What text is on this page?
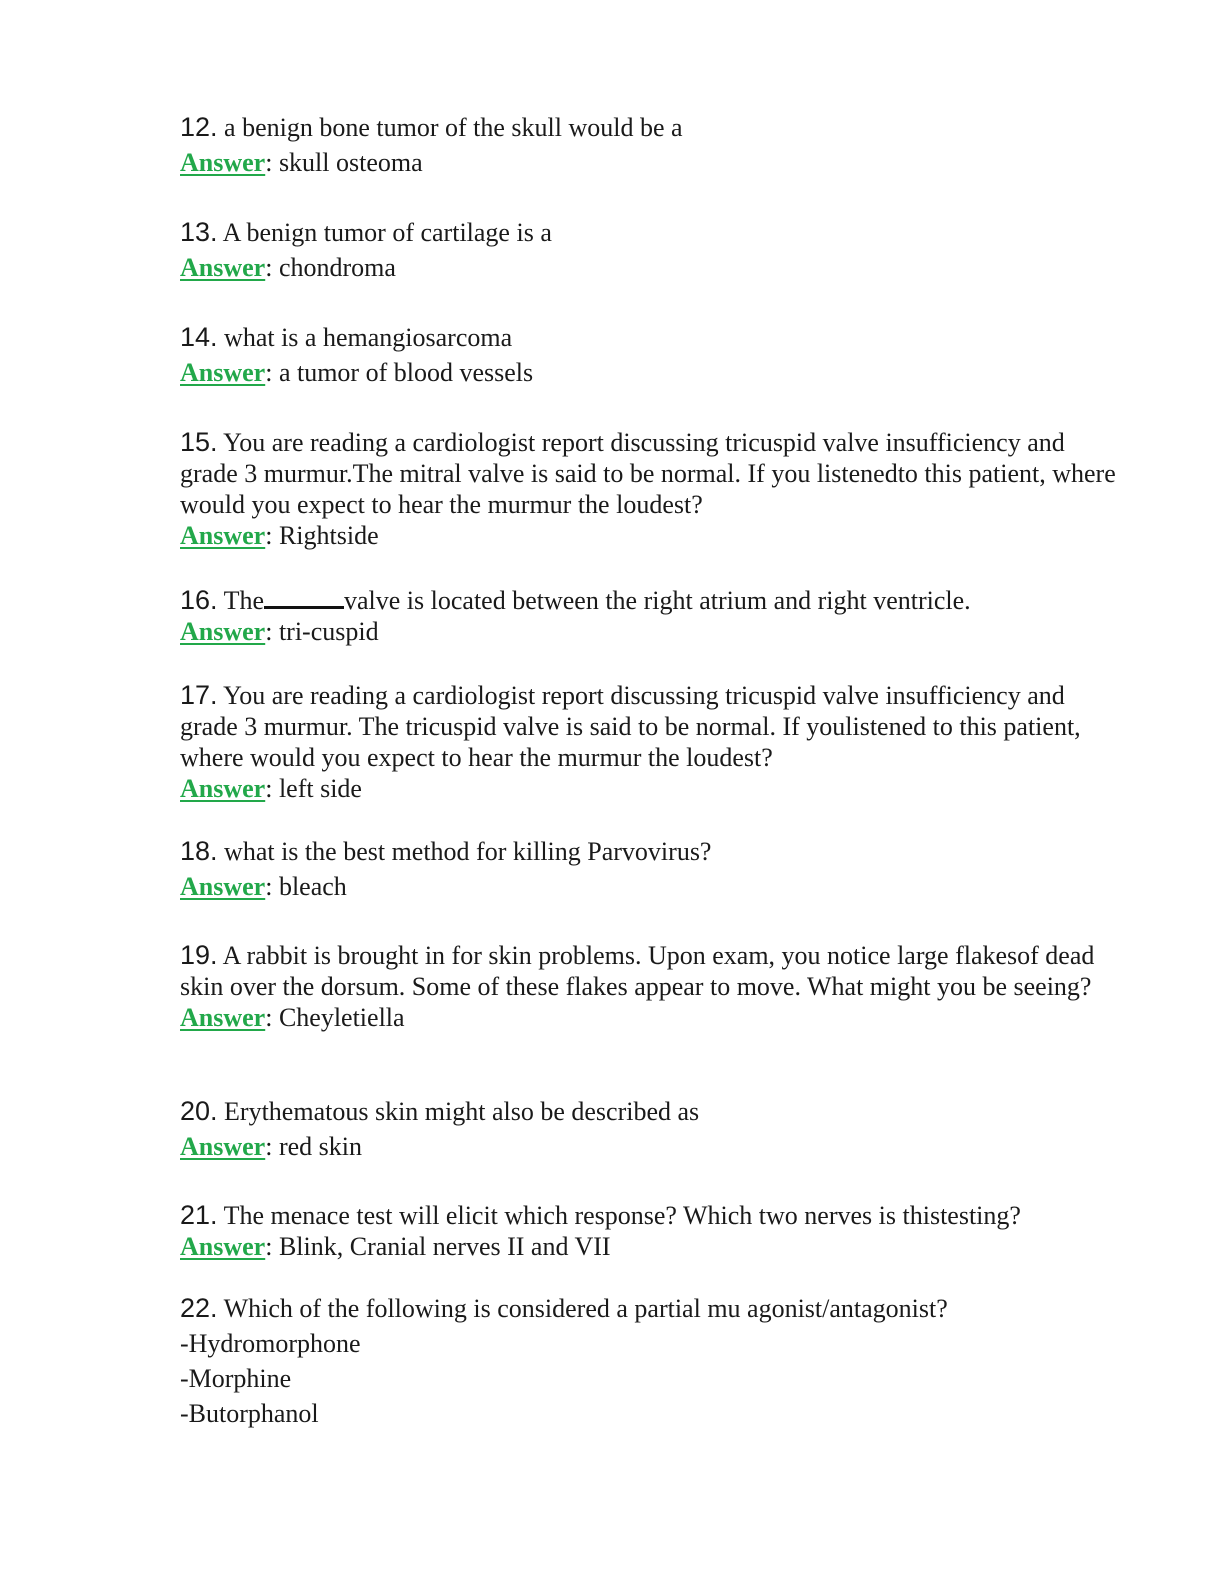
12. a benign bone tumor of the skull would be a
Answer: skull osteoma
13. A benign tumor of cartilage is a
Answer: chondroma
14. what is a hemangiosarcoma
Answer: a tumor of blood vessels
15. You are reading a cardiologist report discussing tricuspid valve insufficiency and grade 3 murmur.The mitral valve is said to be normal. If you listenedto this patient, where would you expect to hear the murmur the loudest?
Answer: Rightside
16. The	valve is located between the right atrium and right ventricle.
Answer: tri-cuspid
17. You are reading a cardiologist report discussing tricuspid valve insufficiency and grade 3 murmur. The tricuspid valve is said to be normal. If youlistened to this patient, where would you expect to hear the murmur the loudest?
Answer: left side
18. what is the best method for killing Parvovirus?
Answer: bleach
19. A rabbit is brought in for skin problems. Upon exam, you notice large flakesof dead skin over the dorsum. Some of these flakes appear to move. What might you be seeing?
Answer: Cheyletiella
20. Erythematous skin might also be described as
Answer: red skin
21. The menace test will elicit which response? Which two nerves is thistesting?
Answer: Blink, Cranial nerves II and VII
22. Which of the following is considered a partial mu agonist/antagonist?
-Hydromorphone
-Morphine
-Butorphanol
